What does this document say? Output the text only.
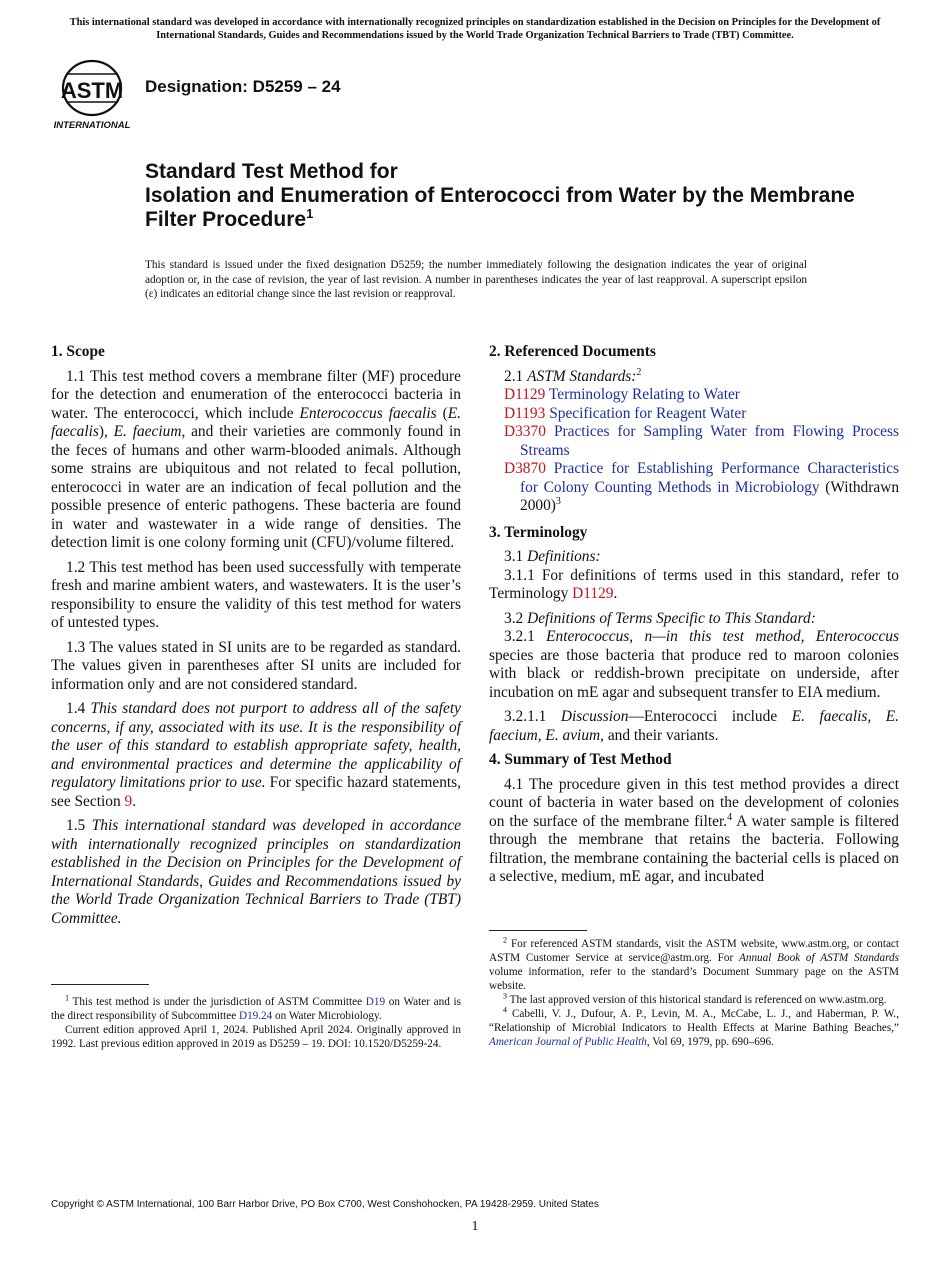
This international standard was developed in accordance with internationally recognized principles on standardization established in the Decision on Principles for the Development of International Standards, Guides and Recommendations issued by the World Trade Organization Technical Barriers to Trade (TBT) Committee.
ASTM
INTERNATIONAL
Designation: D5259 – 24
Standard Test Method for
Isolation and Enumeration of Enterococci from Water by the Membrane Filter Procedure$^1$
This standard is issued under the fixed designation D5259; the number immediately following the designation indicates the year of original adoption or, in the case of revision, the year of last revision. A number in parentheses indicates the year of last reapproval. A superscript epsilon (ε) indicates an editorial change since the last revision or reapproval.
1. Scope

1.1 This test method covers a membrane filter (MF) procedure for the detection and enumeration of the enterococci bacteria in water. The enterococci, which include Enterococcus faecalis (E. faecalis), E. faecium, and their varieties are commonly found in the feces of humans and other warm-blooded animals. Although some strains are ubiquitous and not related to fecal pollution, enterococci in water are an indication of fecal pollution and the possible presence of enteric pathogens. These bacteria are found in water and wastewater in a wide range of densities. The detection limit is one colony forming unit (CFU)/volume filtered.

1.2 This test method has been used successfully with temperate fresh and marine ambient waters, and wastewaters. It is the user’s responsibility to ensure the validity of this test method for waters of untested types.

1.3 The values stated in SI units are to be regarded as standard. The values given in parentheses after SI units are included for information only and are not considered standard.

1.4 This standard does not purport to address all of the safety concerns, if any, associated with its use. It is the responsibility of the user of this standard to establish appropriate safety, health, and environmental practices and determine the applicability of regulatory limitations prior to use. For specific hazard statements, see Section 9.

1.5 This international standard was developed in accordance with internationally recognized principles on standardization established in the Decision on Principles for the Development of International Standards, Guides and Recommendations issued by the World Trade Organization Technical Barriers to Trade (TBT) Committee.

$^1$ This test method is under the jurisdiction of ASTM Committee D19 on Water and is the direct responsibility of Subcommittee D19.24 on Water Microbiology.

Current edition approved April 1, 2024. Published April 2024. Originally approved in 1992. Last previous edition approved in 2019 as D5259 – 19. DOI: 10.1520/D5259-24.

2. Referenced Documents

2.1 ASTM Standards:$^2$

D1129 Terminology Relating to Water

D1193 Specification for Reagent Water

D3370 Practices for Sampling Water from Flowing Process Streams

D3870 Practice for Establishing Performance Characteristics for Colony Counting Methods in Microbiology (Withdrawn 2000)$^3$

3. Terminology

3.1 Definitions:

3.1.1 For definitions of terms used in this standard, refer to Terminology D1129.

3.2 Definitions of Terms Specific to This Standard:

3.2.1 Enterococcus, n—in this test method, Enterococcus species are those bacteria that produce red to maroon colonies with black or reddish-brown precipitate on underside, after incubation on mE agar and subsequent transfer to EIA medium.

3.2.1.1 Discussion—Enterococci include E. faecalis, E. faecium, E. avium, and their variants.

4. Summary of Test Method

4.1 The procedure given in this test method provides a direct count of bacteria in water based on the development of colonies on the surface of the membrane filter.$^4$ A water sample is filtered through the membrane that retains the bacteria. Following filtration, the membrane containing the bacterial cells is placed on a selective, medium, mE agar, and incubated

$^2$ For referenced ASTM standards, visit the ASTM website, www.astm.org, or contact ASTM Customer Service at service@astm.org. For Annual Book of ASTM Standards volume information, refer to the standard’s Document Summary page on the ASTM website.

$^3$ The last approved version of this historical standard is referenced on www.astm.org.

$^4$ Cabelli, V. J., Dufour, A. P., Levin, M. A., McCabe, L. J., and Haberman, P. W., “Relationship of Microbial Indicators to Health Effects at Marine Bathing Beaches,” American Journal of Public Health, Vol 69, 1979, pp. 690–696.

Copyright © ASTM International, 100 Barr Harbor Drive, PO Box C700, West Conshohocken, PA 19428-2959. United States
1
